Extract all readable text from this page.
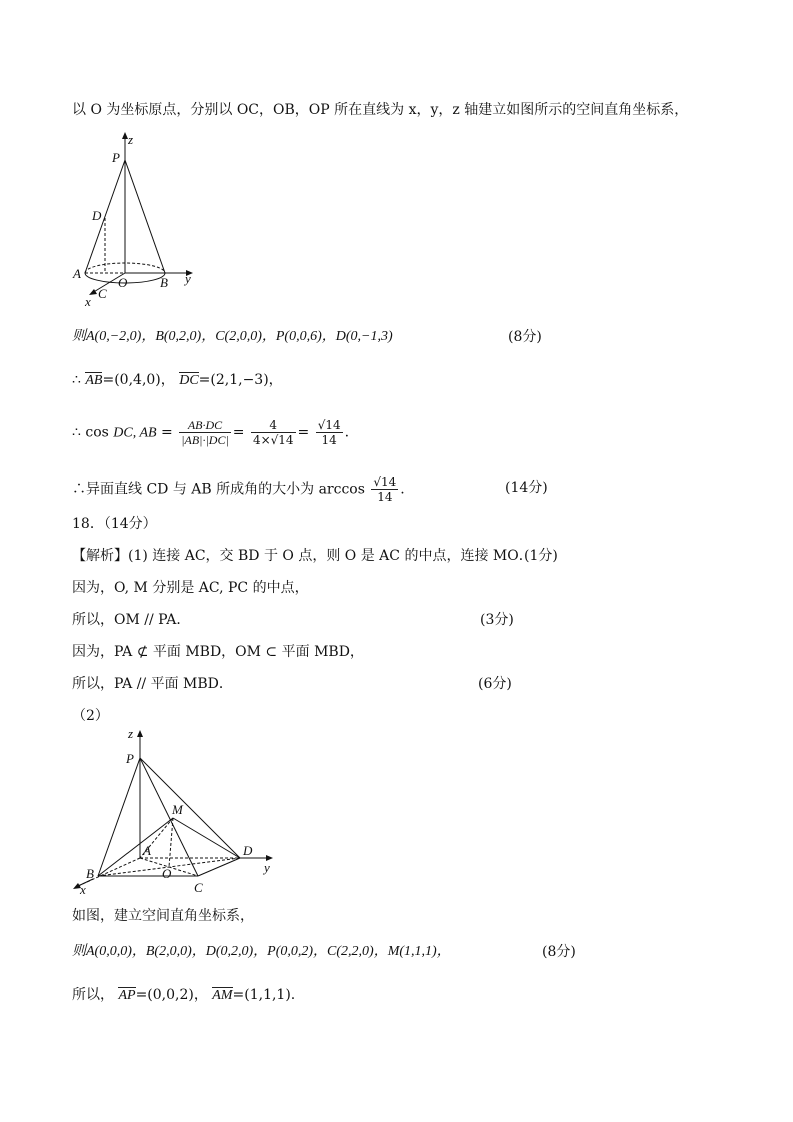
以 O 为坐标原点，分别以 OC，OB，OP 所在直线为 x，y，z 轴建立如图所示的空间直角坐标系，
P
z
D
A
O	B y
C
x
则A(0,−2,0)，B(0,2,0)，C(2,0,0)，P(0,0,6)，D(0,−1,3)	(8分)
∴ AB=(0,4,0)， DC=(2,1,−3)，
∴ cos DC, AB = $\frac{AB\cdot DC}{|AB|\cdot|DC|} = \frac{4}{4\times√14} = \frac{√14}{14}$ .
∴异面直线 CD 与 AB 所成角的大小为 $\arccos \frac{√14}{14}$ .	(14分)
18．（14分）
【解析】(1) 连接 AC，交 BD 于 O 点，则 O 是 AC 的中点，连接 MO．
(1分)
因为，O, M 分别是 AC, PC 的中点，
所以，OM // PA．	(3分)
因为，PA ⊄ 平面 MBD，OM ⊂ 平面 MBD，
所以，PA // 平面 MBD．	(6分)
（2）
z
P
M
A	D
B	O
C
x
y
如图，建立空间直角坐标系，
则A(0,0,0)，B(2,0,0)，D(0,2,0)，P(0,0,2)，C(2,2,0)，M(1,1,1)，	(8分)
所以， AP=(0,0,2)， AM=(1,1,1).
